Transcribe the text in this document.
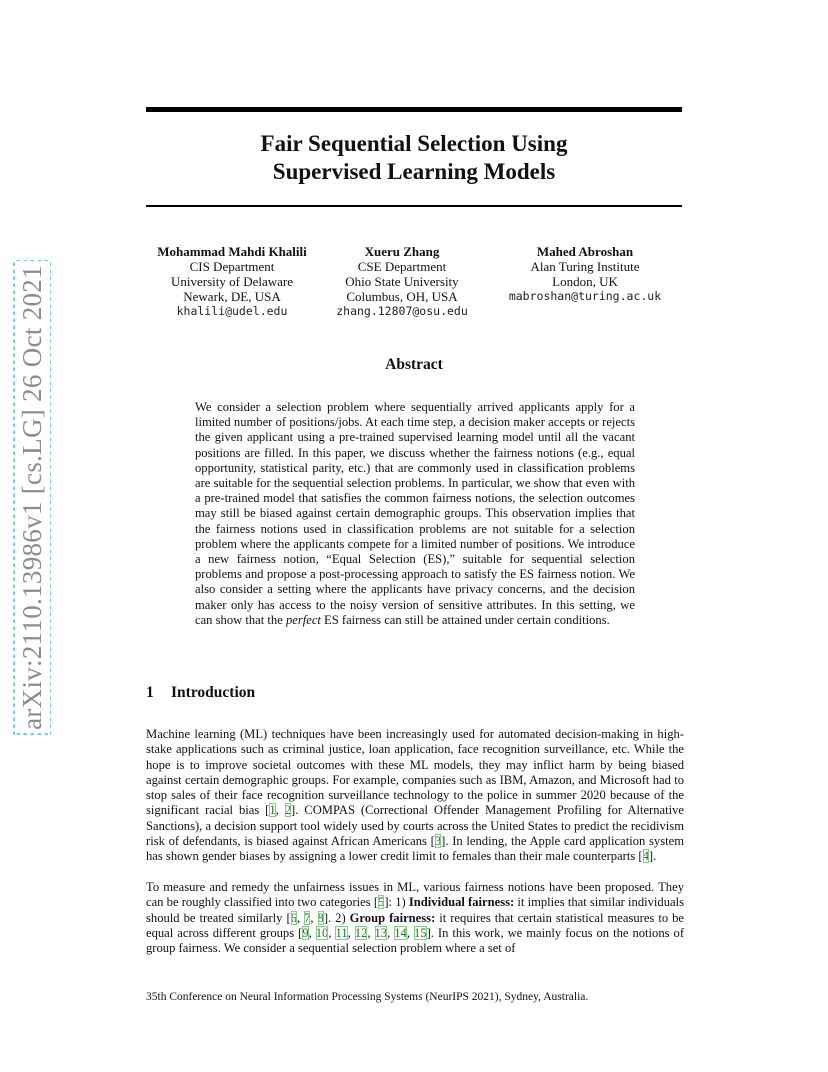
arXiv:2110.13986v1 [cs.LG] 26 Oct 2021
Fair Sequential Selection Using
Supervised Learning Models
Mohammad Mahdi Khalili
CIS Department
University of Delaware
Newark, DE, USA
khalili@udel.edu
Xueru Zhang
CSE Department
Ohio State University
Columbus, OH, USA
zhang.12807@osu.edu
Mahed Abroshan
Alan Turing Institute
London, UK
mabroshan@turing.ac.uk
Abstract
We consider a selection problem where sequentially arrived applicants apply for a limited number of positions/jobs. At each time step, a decision maker accepts or rejects the given applicant using a pre-trained supervised learning model until all the vacant positions are filled. In this paper, we discuss whether the fairness notions (e.g., equal opportunity, statistical parity, etc.) that are commonly used in classification problems are suitable for the sequential selection problems. In particular, we show that even with a pre-trained model that satisfies the common fairness notions, the selection outcomes may still be biased against certain demographic groups. This observation implies that the fairness notions used in classification problems are not suitable for a selection problem where the applicants compete for a limited number of positions. We introduce a new fairness notion, “Equal Selection (ES),” suitable for sequential selection problems and propose a post-processing approach to satisfy the ES fairness notion. We also consider a setting where the applicants have privacy concerns, and the decision maker only has access to the noisy version of sensitive attributes. In this setting, we can show that the perfect ES fairness can still be attained under certain conditions.
1 Introduction
Machine learning (ML) techniques have been increasingly used for automated decision-making in high-stake applications such as criminal justice, loan application, face recognition surveillance, etc. While the hope is to improve societal outcomes with these ML models, they may inflict harm by being biased against certain demographic groups. For example, companies such as IBM, Amazon, and Microsoft had to stop sales of their face recognition surveillance technology to the police in summer 2020 because of the significant racial bias [1, 2]. COMPAS (Correctional Offender Management Profiling for Alternative Sanctions), a decision support tool widely used by courts across the United States to predict the recidivism risk of defendants, is biased against African Americans [3]. In lending, the Apple card application system has shown gender biases by assigning a lower credit limit to females than their male counterparts [4].
To measure and remedy the unfairness issues in ML, various fairness notions have been proposed. They can be roughly classified into two categories [5]: 1) Individual fairness: it implies that similar individuals should be treated similarly [6, 7, 8]. 2) Group fairness: it requires that certain statistical measures to be equal across different groups [9, 10, 11, 12, 13, 14, 15]. In this work, we mainly focus on the notions of group fairness. We consider a sequential selection problem where a set of
35th Conference on Neural Information Processing Systems (NeurIPS 2021), Sydney, Australia.
